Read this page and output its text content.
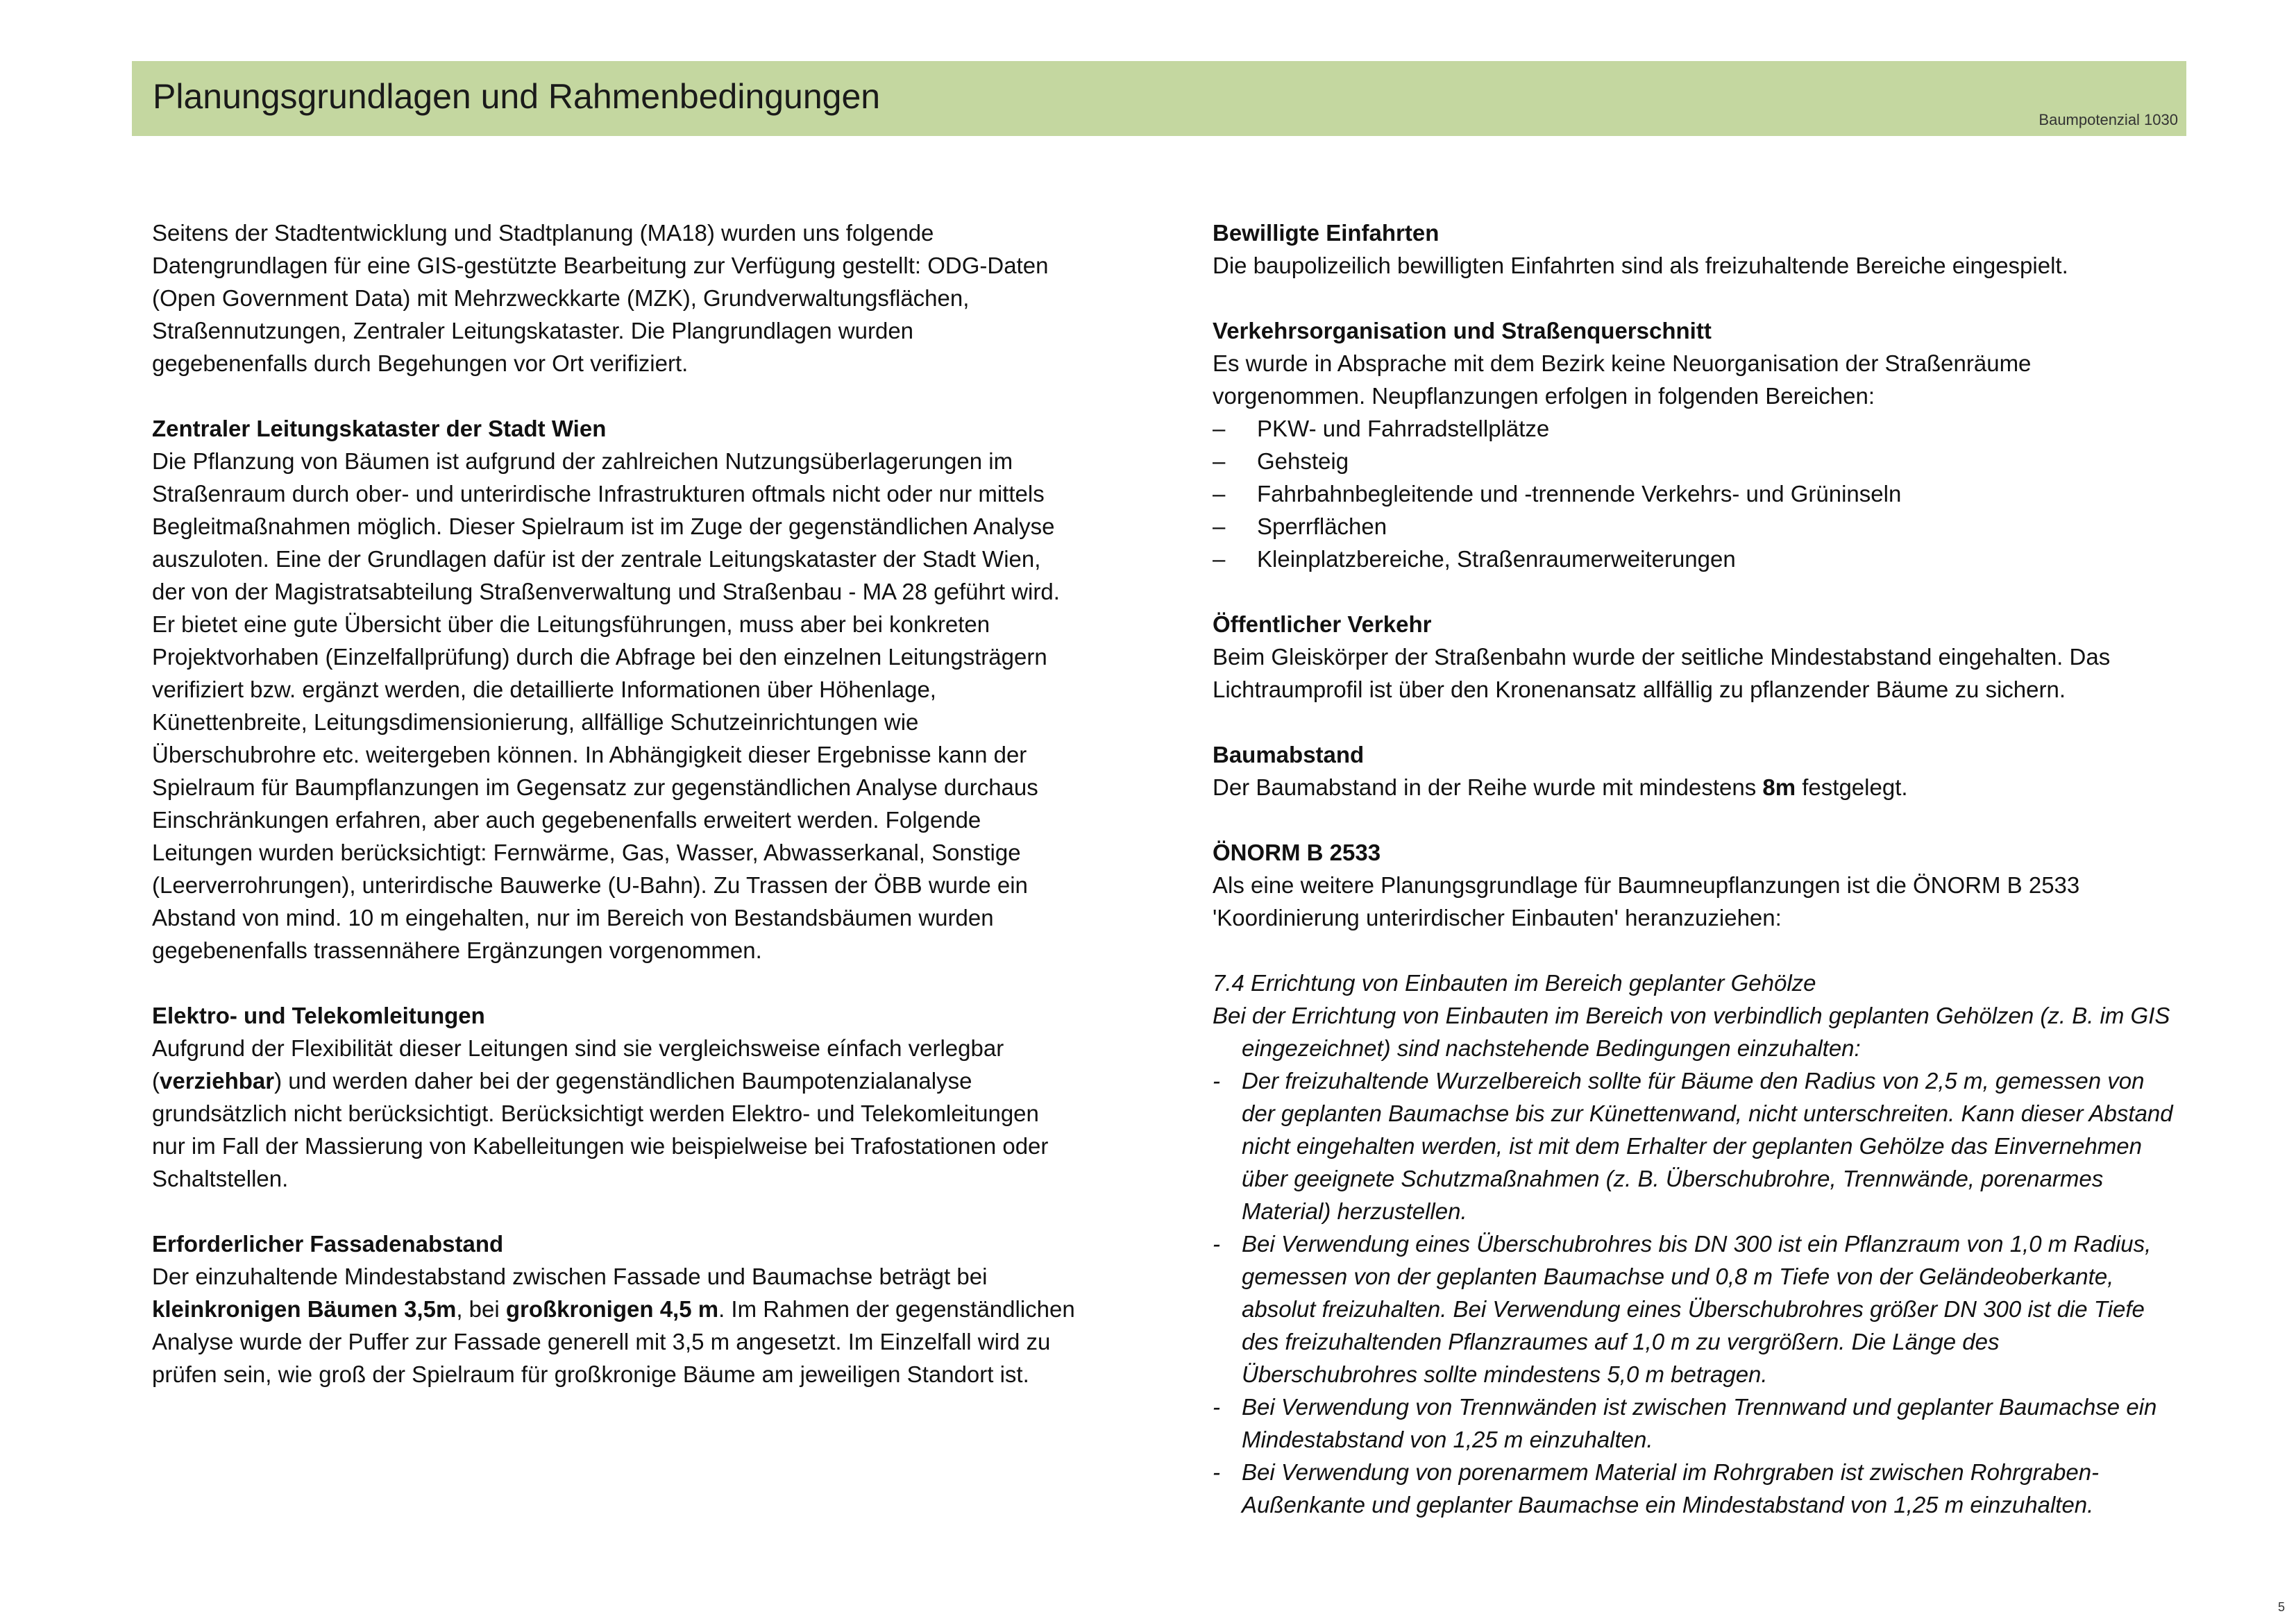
Planungsgrundlagen und Rahmenbedingungen
Baumpotenzial 1030

Seitens der Stadtentwicklung und Stadtplanung (MA18) wurden uns folgende Datengrundlagen für eine GIS-gestützte Bearbeitung zur Verfügung gestellt: ODG-Daten (Open Government Data) mit Mehrzweckkarte (MZK), Grundverwaltungsflächen, Straßennutzungen, Zentraler Leitungskataster. Die Plangrundlagen wurden gegebenenfalls durch Begehungen vor Ort verifiziert.

Zentraler Leitungskataster der Stadt Wien

Die Pflanzung von Bäumen ist aufgrund der zahlreichen Nutzungsüberlagerungen im Straßenraum durch ober- und unterirdische Infrastrukturen oftmals nicht oder nur mittels Begleitmaßnahmen möglich. Dieser Spielraum ist im Zuge der gegenständlichen Analyse auszuloten. Eine der Grundlagen dafür ist der zentrale Leitungskataster der Stadt Wien, der von der Magistratsabteilung Straßenverwaltung und Straßenbau - MA 28 geführt wird. Er bietet eine gute Übersicht über die Leitungsführungen, muss aber bei konkreten Projektvorhaben (Einzelfallprüfung) durch die Abfrage bei den einzelnen Leitungsträgern verifiziert bzw. ergänzt werden, die detaillierte Informationen über Höhenlage, Künettenbreite, Leitungsdimensionierung, allfällige Schutzeinrichtungen wie Überschubrohre etc. weitergeben können. In Abhängigkeit dieser Ergebnisse kann der Spielraum für Baumpflanzungen im Gegensatz zur gegenständlichen Analyse durchaus Einschränkungen erfahren, aber auch gegebenenfalls erweitert werden. Folgende Leitungen wurden berücksichtigt: Fernwärme, Gas, Wasser, Abwasserkanal, Sonstige (Leerverrohrungen), unterirdische Bauwerke (U-Bahn). Zu Trassen der ÖBB wurde ein Abstand von mind. 10 m eingehalten, nur im Bereich von Bestandsbäumen wurden gegebenenfalls trassennähere Ergänzungen vorgenommen.

Elektro- und Telekomleitungen

Aufgrund der Flexibilität dieser Leitungen sind sie vergleichsweise eínfach verlegbar (verziehbar) und werden daher bei der gegenständlichen Baumpotenzialanalyse grundsätzlich nicht berücksichtigt. Berücksichtigt werden Elektro- und Telekomleitungen nur im Fall der Massierung von Kabelleitungen wie beispielweise bei Trafostationen oder Schaltstellen.

Erforderlicher Fassadenabstand

Der einzuhaltende Mindestabstand zwischen Fassade und Baumachse beträgt bei kleinkronigen Bäumen 3,5m, bei großkronigen 4,5 m. Im Rahmen der gegenständlichen Analyse wurde der Puffer zur Fassade generell mit 3,5 m angesetzt. Im Einzelfall wird zu prüfen sein, wie groß der Spielraum für großkronige Bäume am jeweiligen Standort ist.

Bewilligte Einfahrten

Die baupolizeilich bewilligten Einfahrten sind als freizuhaltende Bereiche eingespielt.

Verkehrsorganisation und Straßenquerschnitt

Es wurde in Absprache mit dem Bezirk keine Neuorganisation der Straßenräume vorgenommen. Neupflanzungen erfolgen in folgenden Bereichen:

–	PKW- und Fahrradstellplätze
–	Gehsteig
–	Fahrbahnbegleitende und -trennende Verkehrs- und Grüninseln
–	Sperrflächen
–	Kleinplatzbereiche, Straßenraumerweiterungen

Öffentlicher Verkehr

Beim Gleiskörper der Straßenbahn wurde der seitliche Mindestabstand eingehalten. Das Lichtraumprofil ist über den Kronenansatz allfällig zu pflanzender Bäume zu sichern.

Baumabstand

Der Baumabstand in der Reihe wurde mit mindestens 8m festgelegt.

ÖNORM B 2533

Als eine weitere Planungsgrundlage für Baumneupflanzungen ist die ÖNORM B 2533 'Koordinierung unterirdischer Einbauten' heranzuziehen:

7.4 Errichtung von Einbauten im Bereich geplanter Gehölze

Bei der Errichtung von Einbauten im Bereich von verbindlich geplanten Gehölzen (z. B. im GIS eingezeichnet) sind nachstehende Bedingungen einzuhalten:

- Der freizuhaltende Wurzelbereich sollte für Bäume den Radius von 2,5 m, gemessen von der geplanten Baumachse bis zur Künettenwand, nicht unterschreiten. Kann dieser Abstand nicht eingehalten werden, ist mit dem Erhalter der geplanten Gehölze das Einvernehmen über geeignete Schutzmaßnahmen (z. B. Überschubrohre, Trennwände, porenarmes Material) herzustellen.
- Bei Verwendung eines Überschubrohres bis DN 300 ist ein Pflanzraum von 1,0 m Radius, gemessen von der geplanten Baumachse und 0,8 m Tiefe von der Geländeoberkante, absolut freizuhalten. Bei Verwendung eines Überschubrohres größer DN 300 ist die Tiefe des freizuhaltenden Pflanzraumes auf 1,0 m zu vergrößern. Die Länge des Überschubrohres sollte mindestens 5,0 m betragen.
- Bei Verwendung von Trennwänden ist zwischen Trennwand und geplanter Baumachse ein Mindestabstand von 1,25 m einzuhalten.
- Bei Verwendung von porenarmem Material im Rohrgraben ist zwischen Rohrgraben-Außenkante und geplanter Baumachse ein Mindestabstand von 1,25 m einzuhalten.
5
